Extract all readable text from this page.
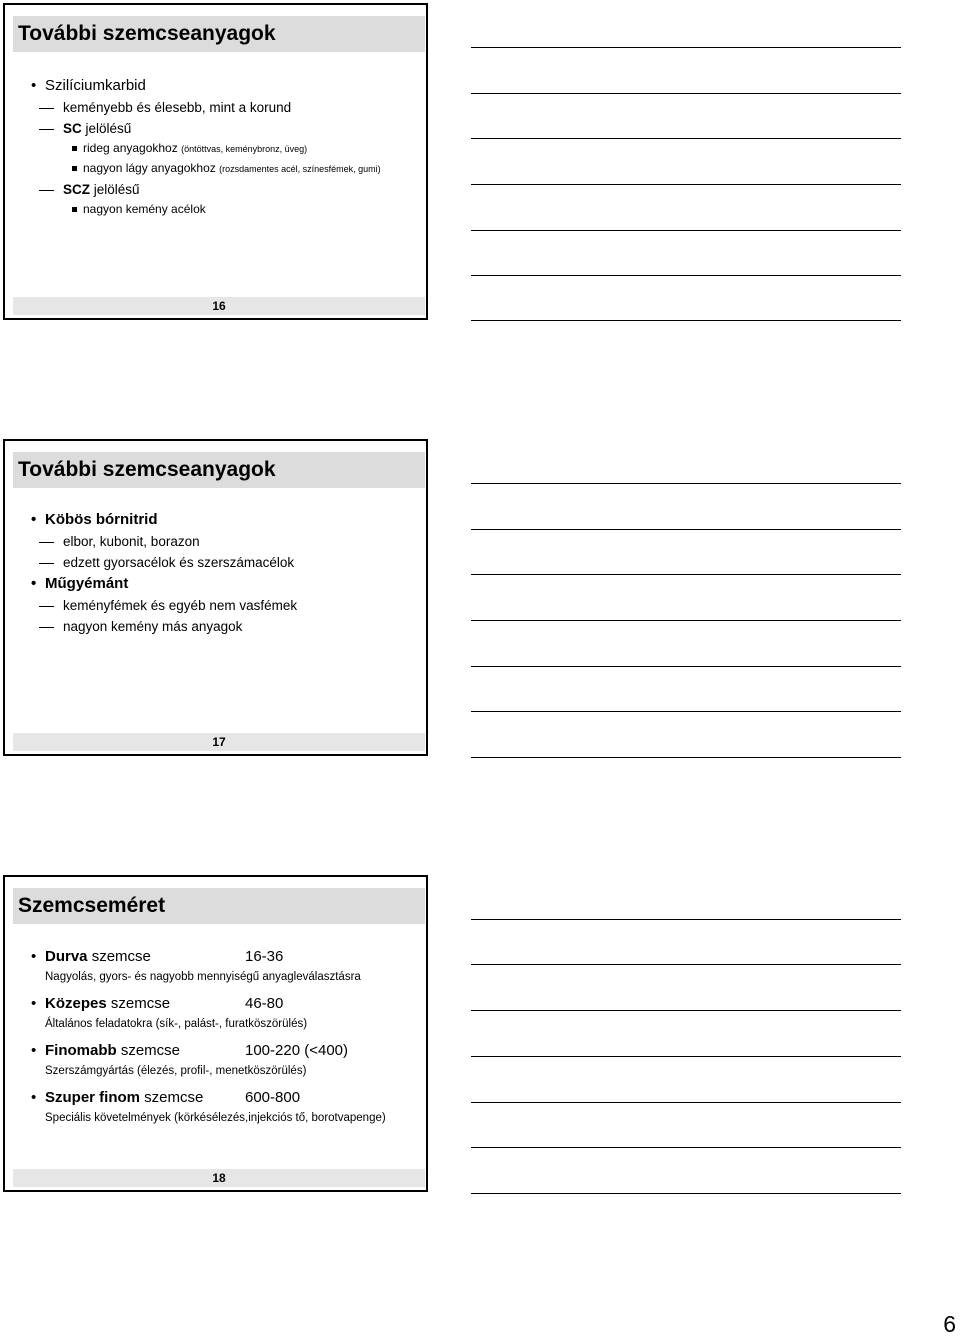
További szemcseanyagok
• Szilíciumkarbid
keményebb és élesebb, mint a korund
SC jelölésű
rideg anyagokhoz (öntöttvas, keménybronz, üveg)
nagyon lágy anyagokhoz (rozsdamentes acél, színesfémek, gumi)
SCZ jelölésű
nagyon kemény acélok
16
További szemcseanyagok
• Köbös bórnitrid
elbor, kubonit, borazon
edzett gyorsacélok és szerszámacélok
• Műgyémánt
keményfémek és egyéb nem vasfémek
nagyon kemény más anyagok
17
Szemcseméret
• Durva szemcse	16-36
Nagyolás, gyors- és nagyobb mennyiségű anyagleválasztásra
• Közepes szemcse	46-80
Általános feladatokra (sík-, palást-, furatköszörülés)
• Finomabb szemcse	100-220 (<400)
Szerszámgyártás (élezés, profil-, menetköszörülés)
• Szuper finom szemcse	600-800
Speciális követelmények (körkésélezés,injekciós tő, borotvapenge)
18
6
